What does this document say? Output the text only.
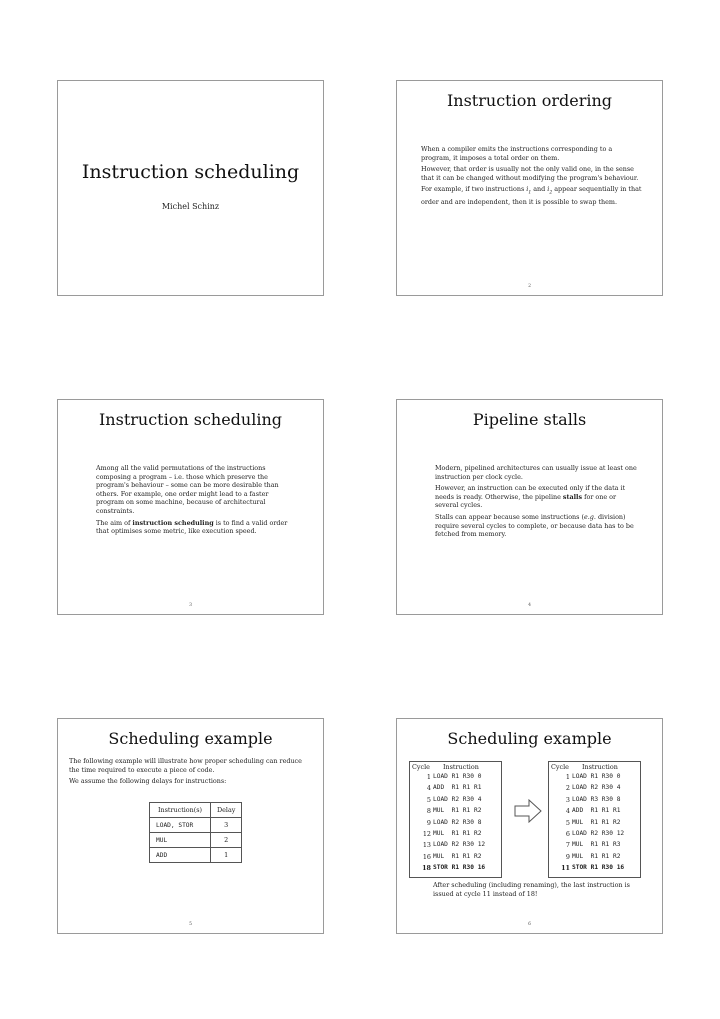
Instruction scheduling
Michel Schinz
Instruction ordering

When a compiler emits the instructions corresponding to a program, it imposes a total order on them.

However, that order is usually not the only valid one, in the sense that it can be changed without modifying the program's behaviour.

For example, if two instructions $i_1$ and $i_2$ appear sequentially in that order and are independent, then it is possible to swap them.

2
Instruction scheduling

Among all the valid permutations of the instructions composing a program – i.e. those which preserve the program's behaviour – some can be more desirable than others. For example, one order might lead to a faster program on some machine, because of architectural constraints.

The aim of instruction scheduling is to find a valid order that optimises some metric, like execution speed.

3
Pipeline stalls

Modern, pipelined architectures can usually issue at least one instruction per clock cycle.

However, an instruction can be executed only if the data it needs is ready. Otherwise, the pipeline stalls for one or several cycles.

Stalls can appear because some instructions (e.g. division) require several cycles to complete, or because data has to be fetched from memory.

4
Scheduling example

The following example will illustrate how proper scheduling can reduce the time required to execute a piece of code.

We assume the following delays for instructions:

Instruction(s)	Delay
LOAD, STOR	3
MUL	2
ADD	1
5
Scheduling example
Cycle Instruction
1 LOAD R1 R30 0
4 ADD  R1 R1 R1
5 LOAD R2 R30 4
8 MUL  R1 R1 R2
9 LOAD R2 R30 8
12 MUL  R1 R1 R2
13 LOAD R2 R30 12
16 MUL  R1 R1 R2
18 STOR R1 R30 16
Cycle Instruction
1 LOAD R1 R30 0
2 LOAD R2 R30 4
3 LOAD R3 R30 8
4 ADD  R1 R1 R1
5 MUL  R1 R1 R2
6 LOAD R2 R30 12
7 MUL  R1 R1 R3
9 MUL  R1 R1 R2
11 STOR R1 R30 16
After scheduling (including renaming), the last instruction is issued at cycle 11 instead of 18!
6
